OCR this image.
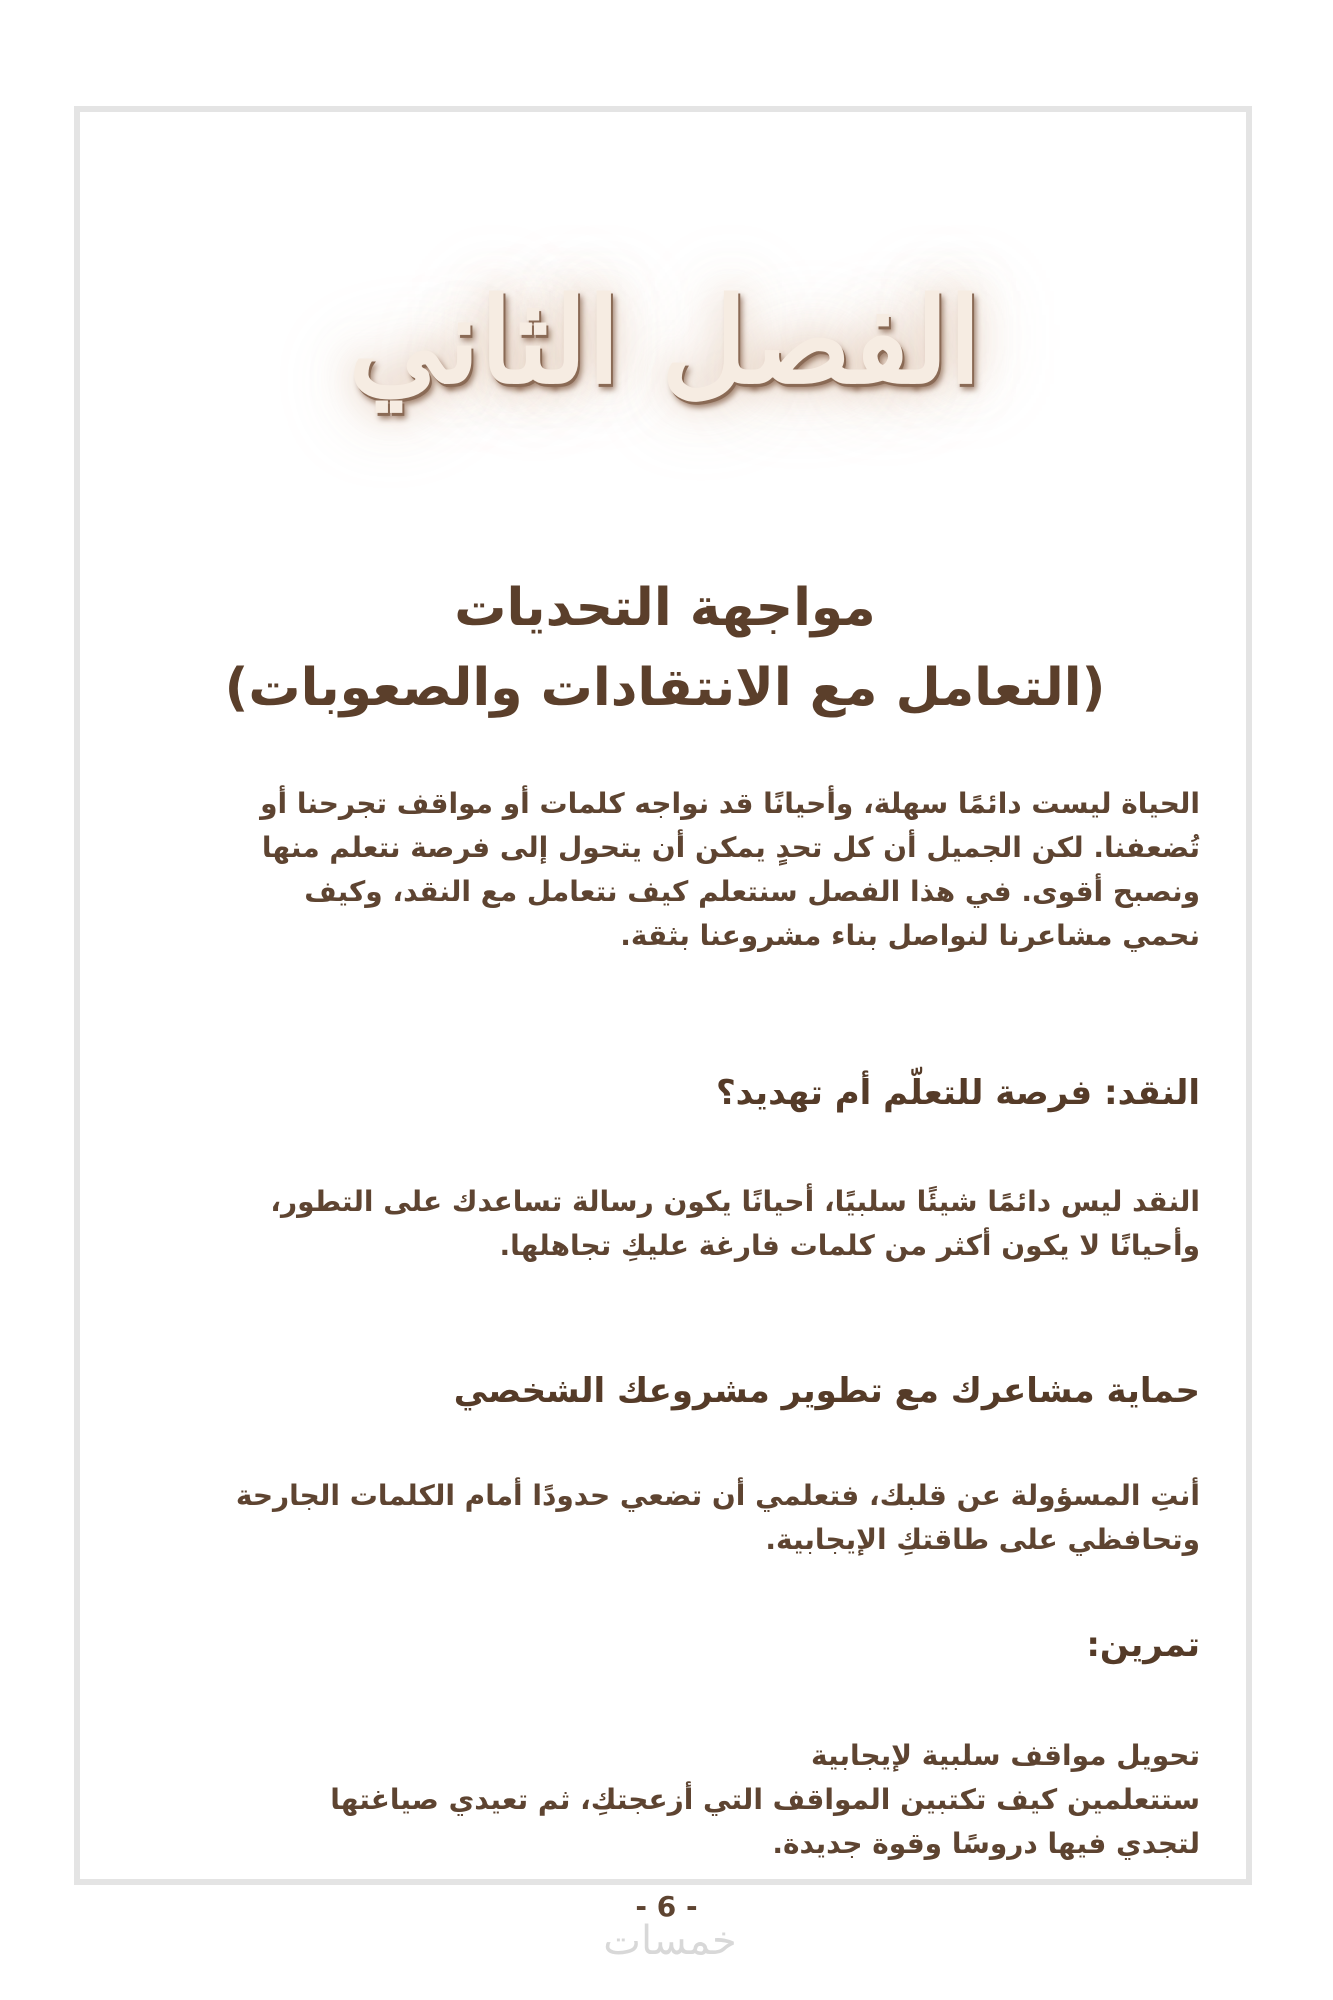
الفصل الثاني
مواجهة التحديات
(التعامل مع الانتقادات والصعوبات)
الحياة ليست دائمًا سهلة، وأحيانًا قد نواجه كلمات أو مواقف تجرحنا أو
تُضعفنا. لكن الجميل أن كل تحدٍ يمكن أن يتحول إلى فرصة نتعلم منها
ونصبح أقوى. في هذا الفصل سنتعلم كيف نتعامل مع النقد، وكيف
نحمي مشاعرنا لنواصل بناء مشروعنا بثقة.
النقد: فرصة للتعلّم أم تهديد؟
النقد ليس دائمًا شيئًا سلبيًا، أحيانًا يكون رسالة تساعدك على التطور،
وأحيانًا لا يكون أكثر من كلمات فارغة عليكِ تجاهلها.
حماية مشاعرك مع تطوير مشروعك الشخصي
أنتِ المسؤولة عن قلبك، فتعلمي أن تضعي حدودًا أمام الكلمات الجارحة
وتحافظي على طاقتكِ الإيجابية.
تمرين:
تحويل مواقف سلبية لإيجابية
ستتعلمين كيف تكتبين المواقف التي أزعجتكِ، ثم تعيدي صياغتها
لتجدي فيها دروسًا وقوة جديدة.
- 6 -
خمسات
